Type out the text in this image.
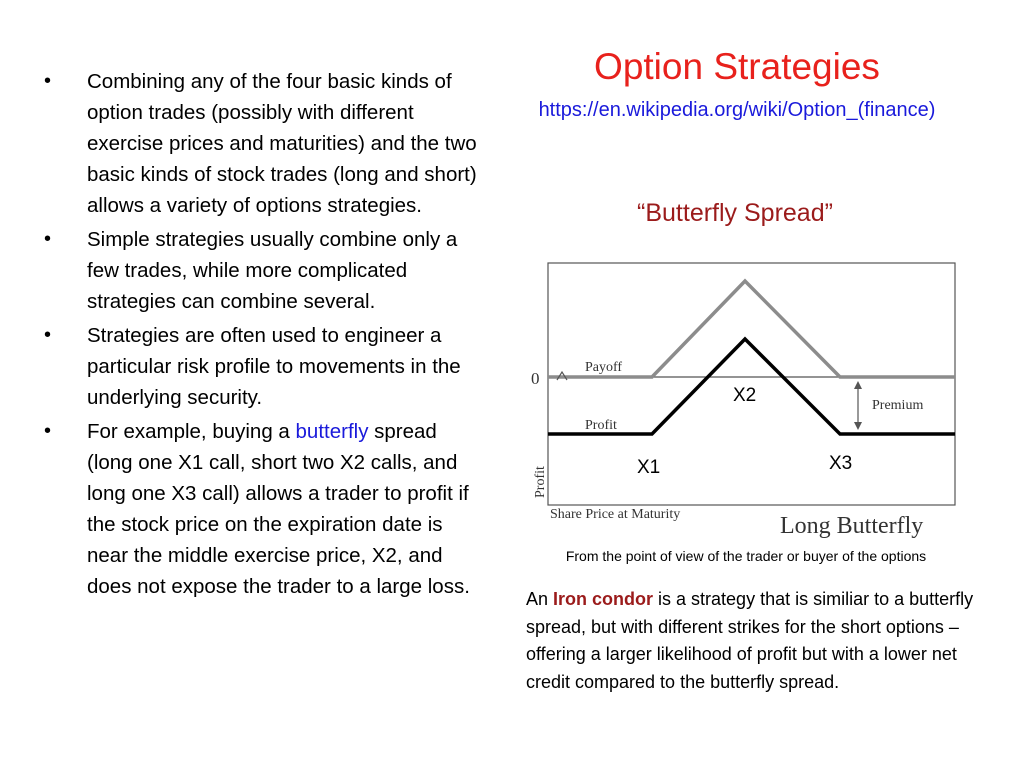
• Combining any of the four basic kinds of option trades (possibly with different exercise prices and maturities) and the two basic kinds of stock trades (long and short) allows a variety of options strategies.
• Simple strategies usually combine only a few trades, while more complicated strategies can combine several.
• Strategies are often used to engineer a particular risk profile to movements in the underlying security.
• For example, buying a butterfly spread (long one X1 call, short two X2 calls, and long one X3 call) allows a trader to profit if the stock price on the expiration date is near the middle exercise price, X2, and does not expose the trader to a large loss.
Option Strategies
https://en.wikipedia.org/wiki/Option_(finance)
“Butterfly Spread”
0
Payoff
Profit
Premium
Profit
Share Price at Maturity	Long Butterfly
X1
X2
X3
From the point of view of the trader or buyer of the options
An Iron condor is a strategy that is similiar to a butterfly spread, but with different strikes for the short options – offering a larger likelihood of profit but with a lower net credit compared to the butterfly spread.
